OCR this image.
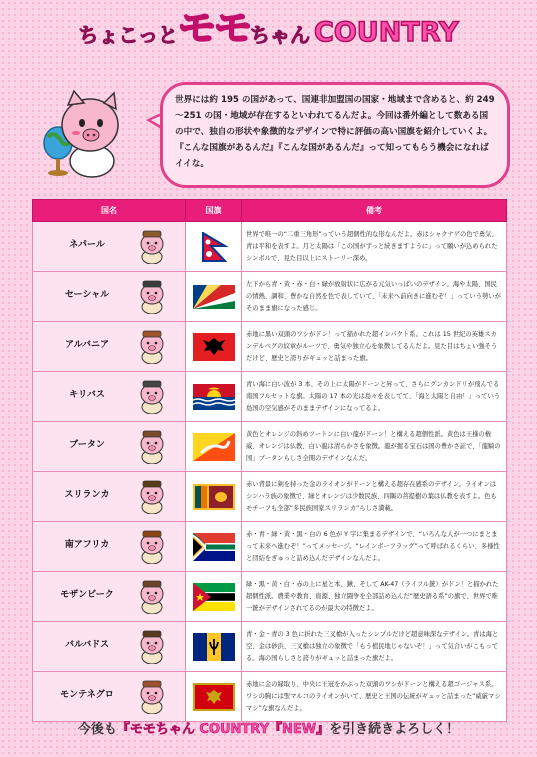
ちょこっとモモちゃん COUNTRY
世界には約 195 の国があって、国連非加盟国の国家・地域まで含めると、約 249～251 の国・地域が存在するといわれてるんだよ。今回は番外編として数ある国の中で、独自の形状や象徴的なデザインで特に評価の高い国旗を紹介していくよ。『こんな国旗があるんだ』『こんな国があるんだ』って知ってもらう機会になればイイな。
国名	国旗	備考

ネパール		世界で唯一の“二重三角形”っていう超個性的な形なんだよ。赤はシャクナゲの色で勇気、青は平和を表すよ。月と太陽は「この国がずっと続きますように」って願いが込められたシンボルで、見た目以上にストーリー深め。

セーシャル		左下から青・黄・赤・白・緑が放射状に広がる元気いっぱいのデザイン。海や太陽、国民の情熱、調和、豊かな自然を色で表していて、「未来へ前向きに進むぞ！」っていう勢いがそのまま旗になった感じ。

アルバニア		赤地に黒い双頭のワシがドン！って描かれた超インパクト系。これは 15 世紀の英雄スカンデルベグの紋章がルーツで、勇気や独立心を象徴してるんだよ。見た目はちょい強そうだけど、歴史と誇りがギュッと詰まった旗。

キリバス		青い海に白い波が 3 本、その上に太陽がドーンと昇って、さらにグンカンドリが飛んでる南国フルセットな旗。太陽の 17 本の光は島々を表してて、「海と太陽と自由！」っていう島国の空気感がそのままデザインになってるよ。

ブータン		黄色とオレンジの斜めツートンに白い龍がドーン！と構える超個性派。黄色は王様の権威、オレンジは仏教、白い龍は清らかさを象徴。龍が握る宝石は国の豊かさ証で、「龍騎の国」ブータンらしさ全開のデザインなんだ。

スリランカ		赤い背景に剣を持った金のライオンがドーンと構える超存在感系のデザイン。ライオンはシンハラ族の象徴で、緑とオレンジは少数民族、四隅の菩提樹の葉は仏教を表すよ。色もモチーフも全部“多民族国家スリランカ”らしさ満載。

南アフリカ		赤・青・緑・黄・黒・白の 6 色が Y 字に集まるデザインで、“いろんな人が一つにまとまって未来へ進むぞ！”ってメッセージ。“レインボーフラッグ”って呼ばれるくらい、多様性と団結をぎゅっと詰め込んだデザインなんだよ。

モザンビーク		緑・黒・黄・白・赤の上に星と本、鍬、そして AK-47（ライフル銃）がドン！と描かれた超個性派。農業や教育、資源、独立闘争を全部詰め込んだ“歴史語る系”の旗で、世界で唯一銃がデザインされてるのが最大の特徴だよ。

バルバドス		青・金・青の 3 色に折れた三叉槍が入ったシンプルだけど超意味深なデザイン。青は海と空、金は砂浜、三叉槍は独立の象徴で「もう植民地じゃないぞ！」って気合いがこもってる。海の国らしさと誇りがギュッと詰まった旗だよ。

モンテネグロ		赤地に金の縁取り、中央に王冠をかぶった双頭のワシがドーンと構える超ゴージャス系。ワシの胸には聖マルコのライオンがいて、歴史と王国の伝統がギュッと詰まった“威厳マシマシ”な旗なんだよ。
今後も『モモちゃん COUNTRY『NEW』を引き続きよろしく！
